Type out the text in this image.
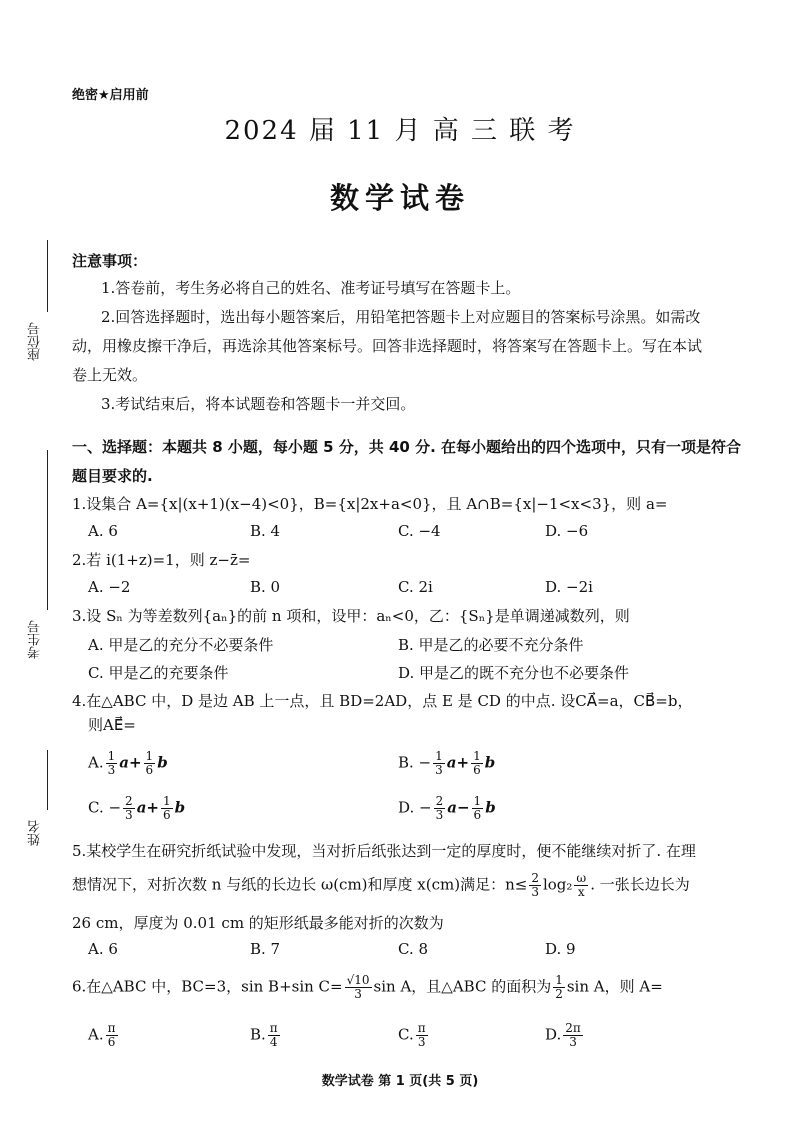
绝密★启用前
2024 届 11 月 高 三 联 考
数学试卷
座位号
考生号
姓名
注意事项：
1.答卷前，考生务必将自己的姓名、准考证号填写在答题卡上。
2.回答选择题时，选出每小题答案后，用铅笔把答题卡上对应题目的答案标号涂黑。如需改
动，用橡皮擦干净后，再选涂其他答案标号。回答非选择题时，将答案写在答题卡上。写在本试
卷上无效。
3.考试结束后，将本试题卷和答题卡一并交回。
一、选择题：本题共 8 小题，每小题 5 分，共 40 分. 在每小题给出的四个选项中，只有一项是符合
题目要求的.
1.设集合 A={x|(x+1)(x−4)<0}，B={x|2x+a<0}，且 A∩B={x|−1<x<3}，则 a=
A. 6	B. 4	C. −4	D. −6
2.若 i(1+z)=1，则 z−z̄=
A. −2	B. 0	C. 2i	D. −2i
3.设 Sₙ 为等差数列{aₙ}的前 n 项和，设甲：aₙ<0，乙：{Sₙ}是单调递减数列，则
A. 甲是乙的充分不必要条件	B. 甲是乙的必要不充分条件
C. 甲是乙的充要条件	D. 甲是乙的既不充分也不必要条件
4.在△ABC 中，D 是边 AB 上一点，且 BD=2AD，点 E 是 CD 的中点. 设CA⃗=a，CB⃗=b，
则AE⃗=
A. $\frac{1}{3} a+ \frac{1}{6}$ b	B. − $\frac{1}{3} a+ \frac{1}{6}$ b
C. − $\frac{2}{3} a+ \frac{1}{6}$ b	D. − $\frac{2}{3} a- \frac{1}{6}$ b
5.某校学生在研究折纸试验中发现，当对折后纸张达到一定的厚度时，便不能继续对折了. 在理
想情况下，对折次数 n 与纸的长边长 ω(cm)和厚度 x(cm)满足：$n\le \frac{2}{3} \log_2 \frac{\omega}{x}$ . 一张长边长为
26 cm，厚度为 0.01 cm 的矩形纸最多能对折的次数为
A. 6	B. 7	C. 8	D. 9
6.在△ABC 中，BC=3，sin B+sin $C= \frac{√10}{3}$ sin A，且△ABC 的面积为 $\frac{1}{2}$ sin A，则 A=
A. $\frac{\pi}{6}$	B. $\frac{\pi}{4}$	C. $\frac{\pi}{3}$	D. $\frac{2\pi}{3}$
数学试卷 第 1 页(共 5 页)
